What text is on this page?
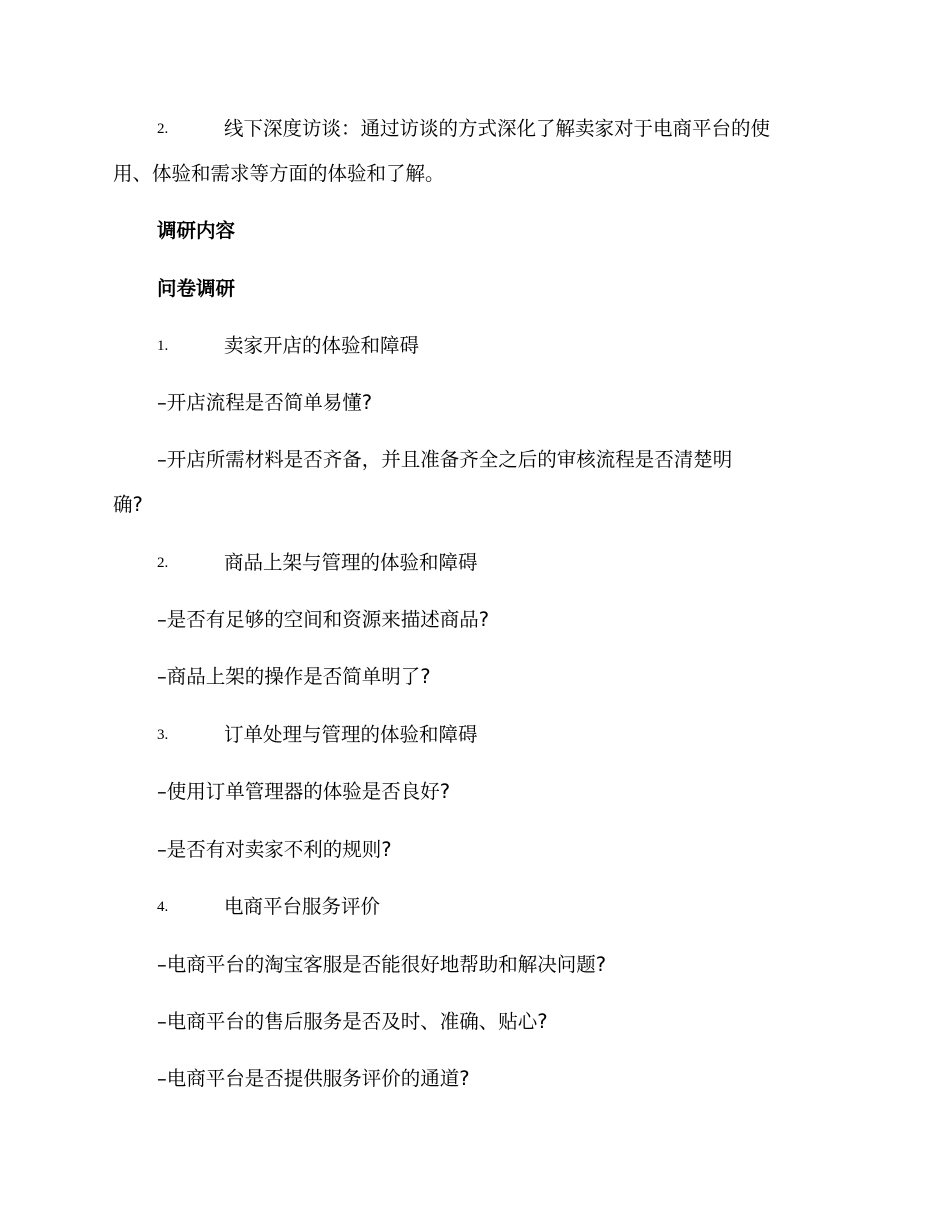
2.	线下深度访谈：通过访谈的方式深化了解卖家对于电商平台的使
用、体验和需求等方面的体验和了解。
调研内容
问卷调研
1.	卖家开店的体验和障碍
–开店流程是否简单易懂?
–开店所需材料是否齐备，并且准备齐全之后的审核流程是否清楚明
确?
2.	商品上架与管理的体验和障碍
–是否有足够的空间和资源来描述商品?
–商品上架的操作是否简单明了?
3.	订单处理与管理的体验和障碍
–使用订单管理器的体验是否良好?
–是否有对卖家不利的规则?
4.	电商平台服务评价
–电商平台的淘宝客服是否能很好地帮助和解决问题?
–电商平台的售后服务是否及时、准确、贴心?
–电商平台是否提供服务评价的通道?
